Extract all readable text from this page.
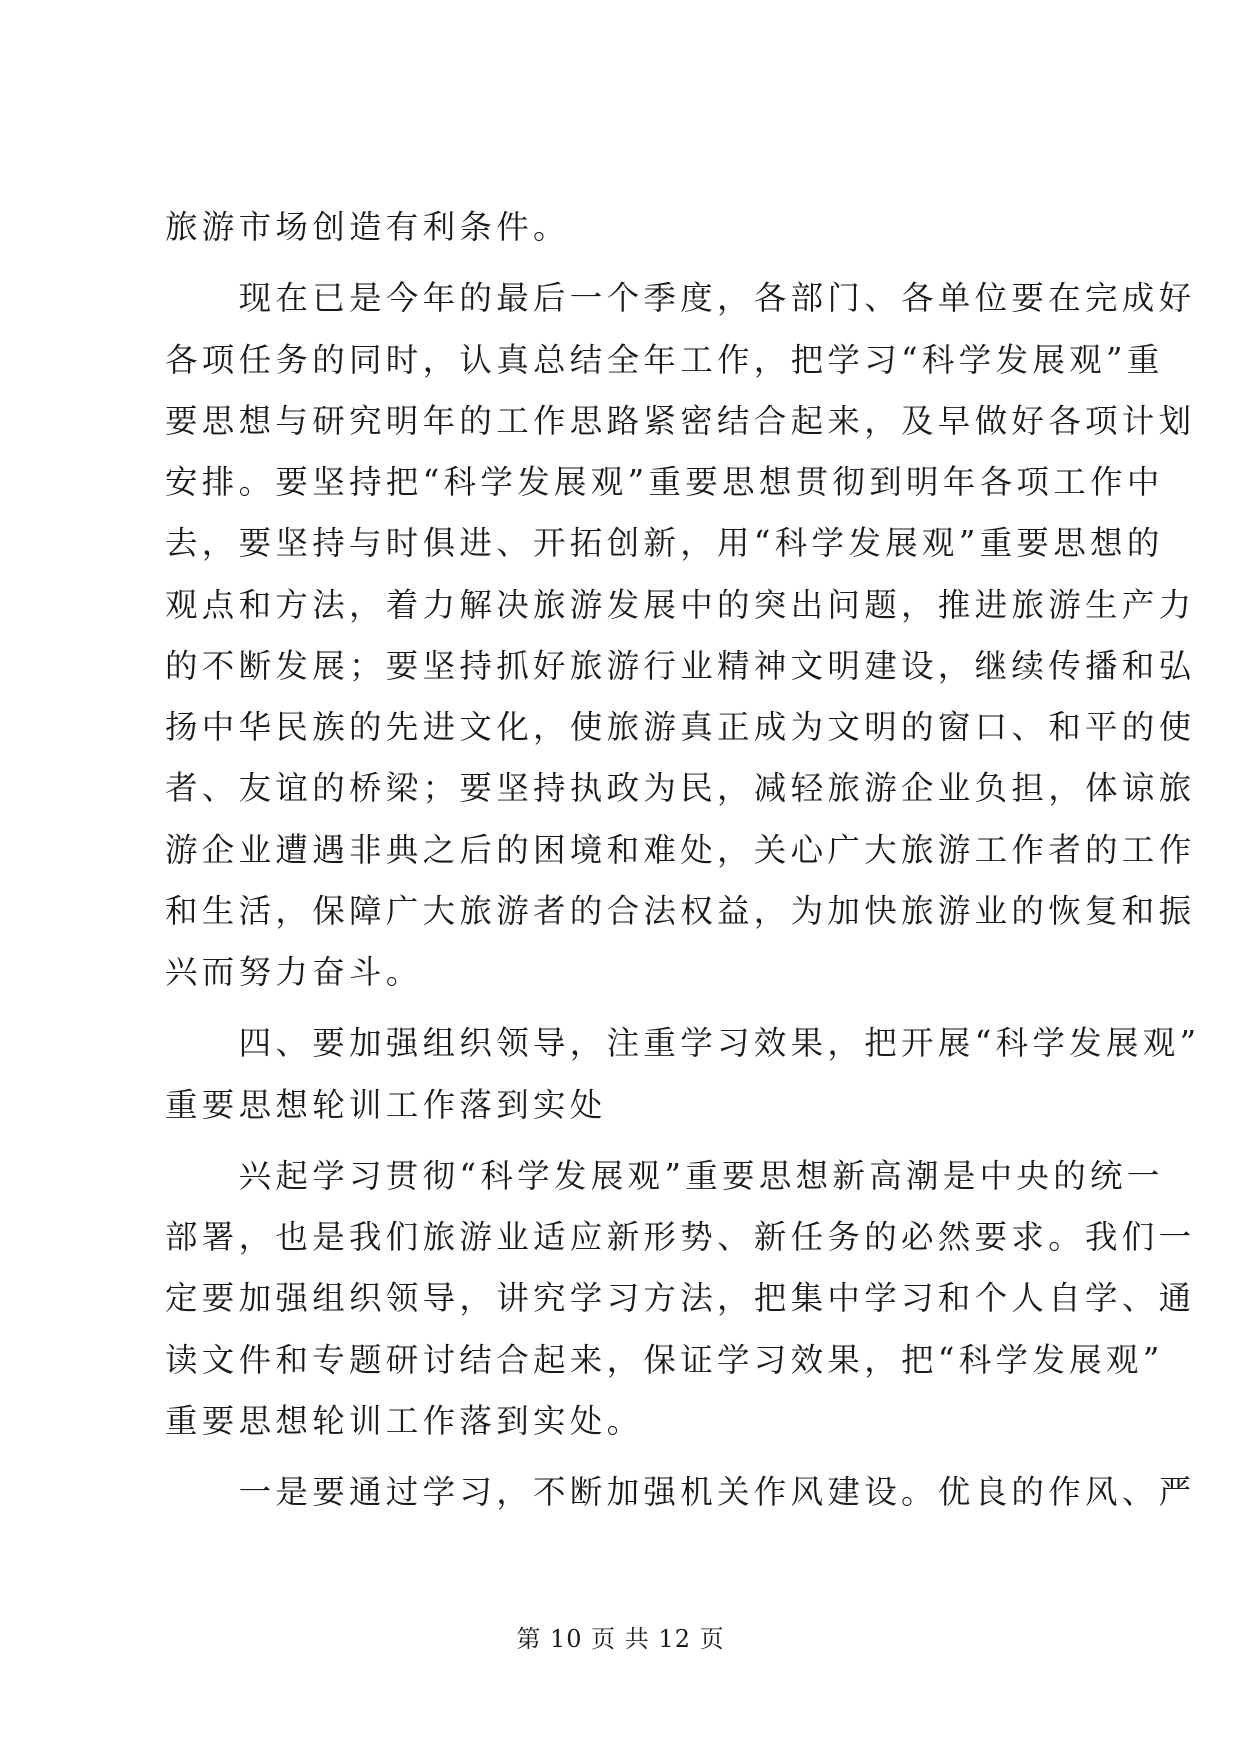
旅游市场创造有利条件。
　　现在已是今年的最后一个季度，各部门、各单位要在完成好
各项任务的同时，认真总结全年工作，把学习“科学发展观”重
要思想与研究明年的工作思路紧密结合起来，及早做好各项计划
安排。要坚持把“科学发展观”重要思想贯彻到明年各项工作中
去，要坚持与时俱进、开拓创新，用“科学发展观”重要思想的
观点和方法，着力解决旅游发展中的突出问题，推进旅游生产力
的不断发展；要坚持抓好旅游行业精神文明建设，继续传播和弘
扬中华民族的先进文化，使旅游真正成为文明的窗口、和平的使
者、友谊的桥梁；要坚持执政为民，减轻旅游企业负担，体谅旅
游企业遭遇非典之后的困境和难处，关心广大旅游工作者的工作
和生活，保障广大旅游者的合法权益，为加快旅游业的恢复和振
兴而努力奋斗。
　　四、要加强组织领导，注重学习效果，把开展“科学发展观”
重要思想轮训工作落到实处
　　兴起学习贯彻“科学发展观”重要思想新高潮是中央的统一
部署，也是我们旅游业适应新形势、新任务的必然要求。我们一
定要加强组织领导，讲究学习方法，把集中学习和个人自学、通
读文件和专题研讨结合起来，保证学习效果，把“科学发展观”
重要思想轮训工作落到实处。
　　一是要通过学习，不断加强机关作风建设。优良的作风、严
第 10 页 共 12 页
